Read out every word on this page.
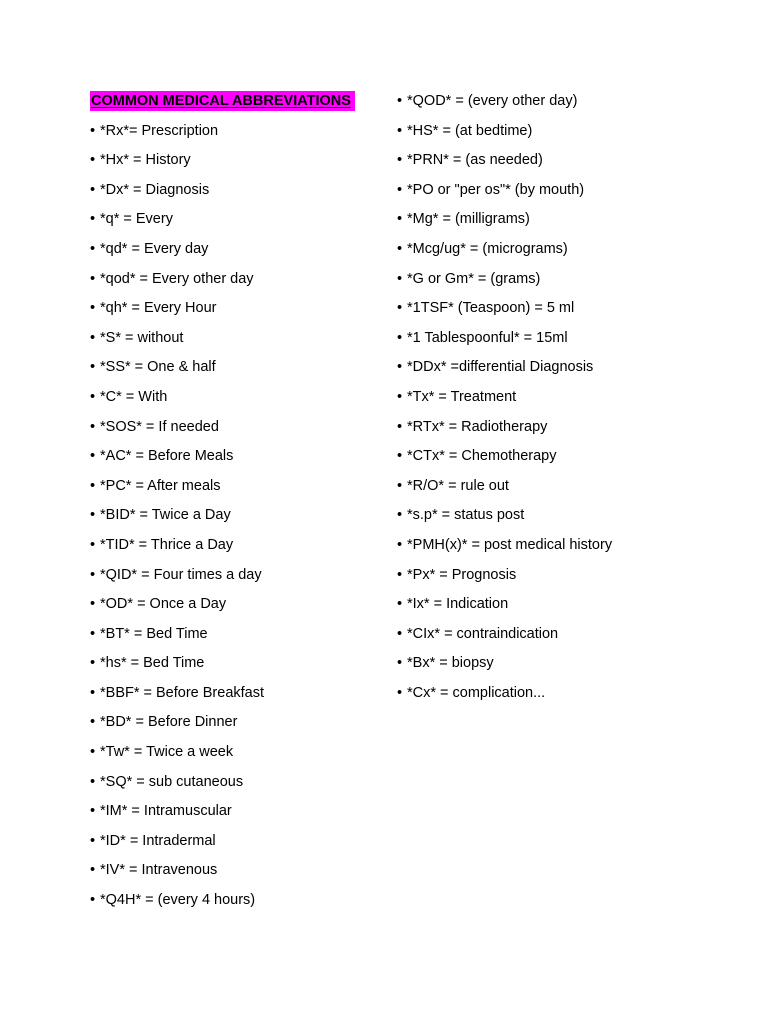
COMMON MEDICAL ABBREVIATIONS
• *Rx*= Prescription
• *Hx* = History
• *Dx* = Diagnosis
• *q* = Every
• *qd* = Every day
• *qod* = Every other day
• *qh* = Every Hour
• *S* = without
• *SS* = One & half
• *C* = With
• *SOS* = If needed
• *AC* = Before Meals
• *PC* = After meals
• *BID* = Twice a Day
• *TID* = Thrice a Day
• *QID* = Four times a day
• *OD* = Once a Day
• *BT* = Bed Time
• *hs* = Bed Time
• *BBF* = Before Breakfast
• *BD* = Before Dinner
• *Tw* = Twice a week
• *SQ* = sub cutaneous
• *IM* = Intramuscular
• *ID* = Intradermal
• *IV* = Intravenous
• *Q4H* = (every 4 hours)
• *QOD* = (every other day)
• *HS* = (at bedtime)
• *PRN* = (as needed)
• *PO or "per os"* (by mouth)
• *Mg* = (milligrams)
• *Mcg/ug* = (micrograms)
• *G or Gm* = (grams)
• *1TSF* (Teaspoon) = 5 ml
• *1 Tablespoonful* = 15ml
• *DDx* =differential Diagnosis
• *Tx* = Treatment
• *RTx* = Radiotherapy
• *CTx* = Chemotherapy
• *R/O* = rule out
• *s.p* = status post
• *PMH(x)* = post medical history
• *Px* = Prognosis
• *Ix* = Indication
• *CIx* = contraindication
• *Bx* = biopsy
• *Cx* = complication...
